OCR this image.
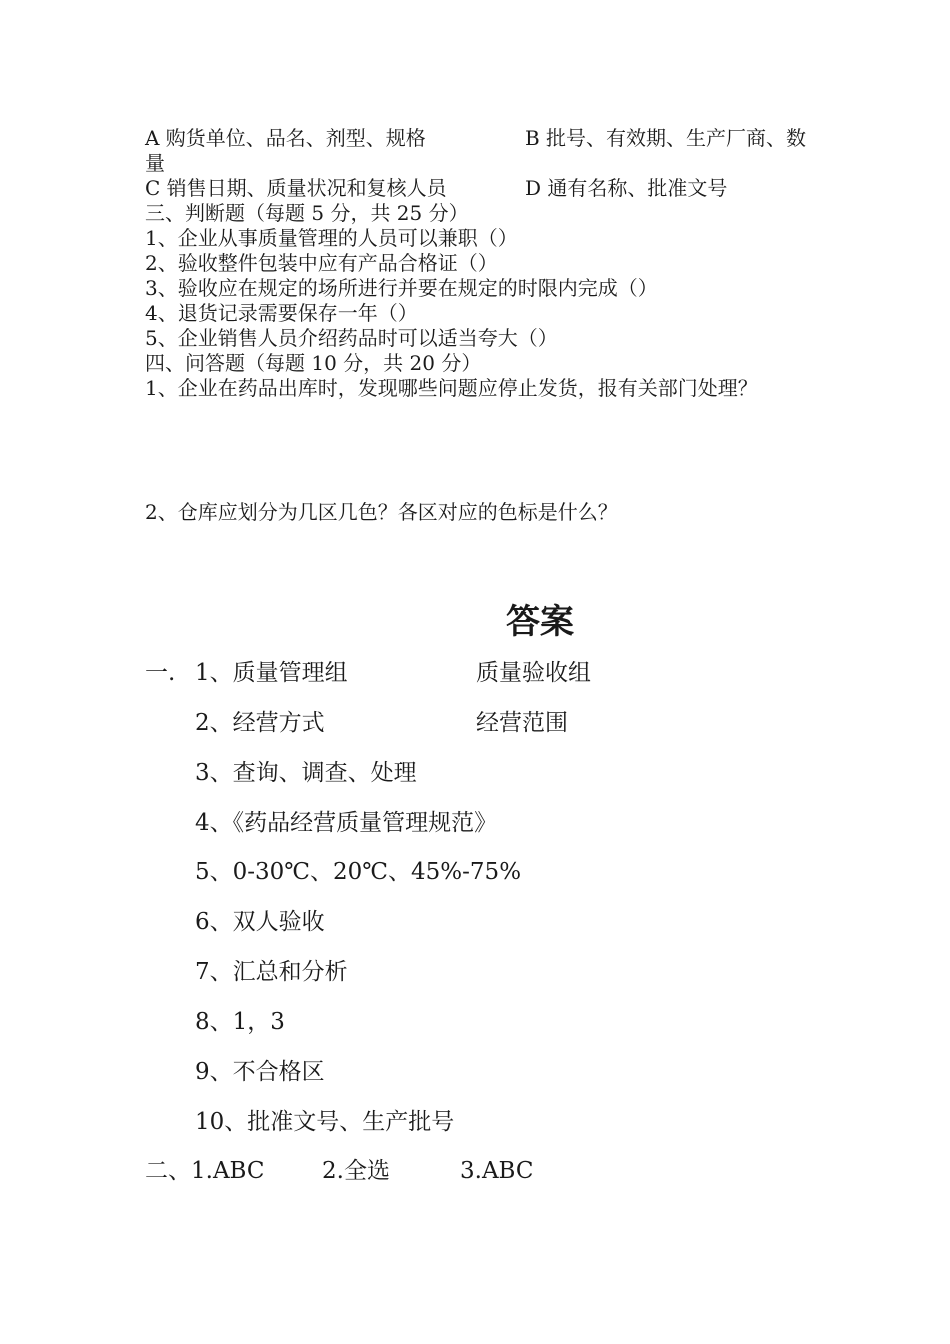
A 购货单位、品名、剂型、规格	B 批号、有效期、生产厂商、数
量
C 销售日期、质量状况和复核人员	D 通有名称、批准文号
三、判断题（每题 5 分，共 25 分）
1、企业从事质量管理的人员可以兼职（）
2、验收整件包装中应有产品合格证（）
3、验收应在规定的场所进行并要在规定的时限内完成（）
4、退货记录需要保存一年（）
5、企业销售人员介绍药品时可以适当夸大（）
四、问答题（每题 10 分，共 20 分）
1、企业在药品出库时，发现哪些问题应停止发货，报有关部门处理？
2、仓库应划分为几区几色？各区对应的色标是什么？
答案
一. 1、质量管理组	质量验收组
2、经营方式	经营范围
3、查询、调查、处理
4、《药品经营质量管理规范》
5、0-30℃、20℃、45%-75%
6、双人验收
7、汇总和分析
8、1，3
9、不合格区
10、批准文号、生产批号
二、1.ABC	2.全选	3.ABC
